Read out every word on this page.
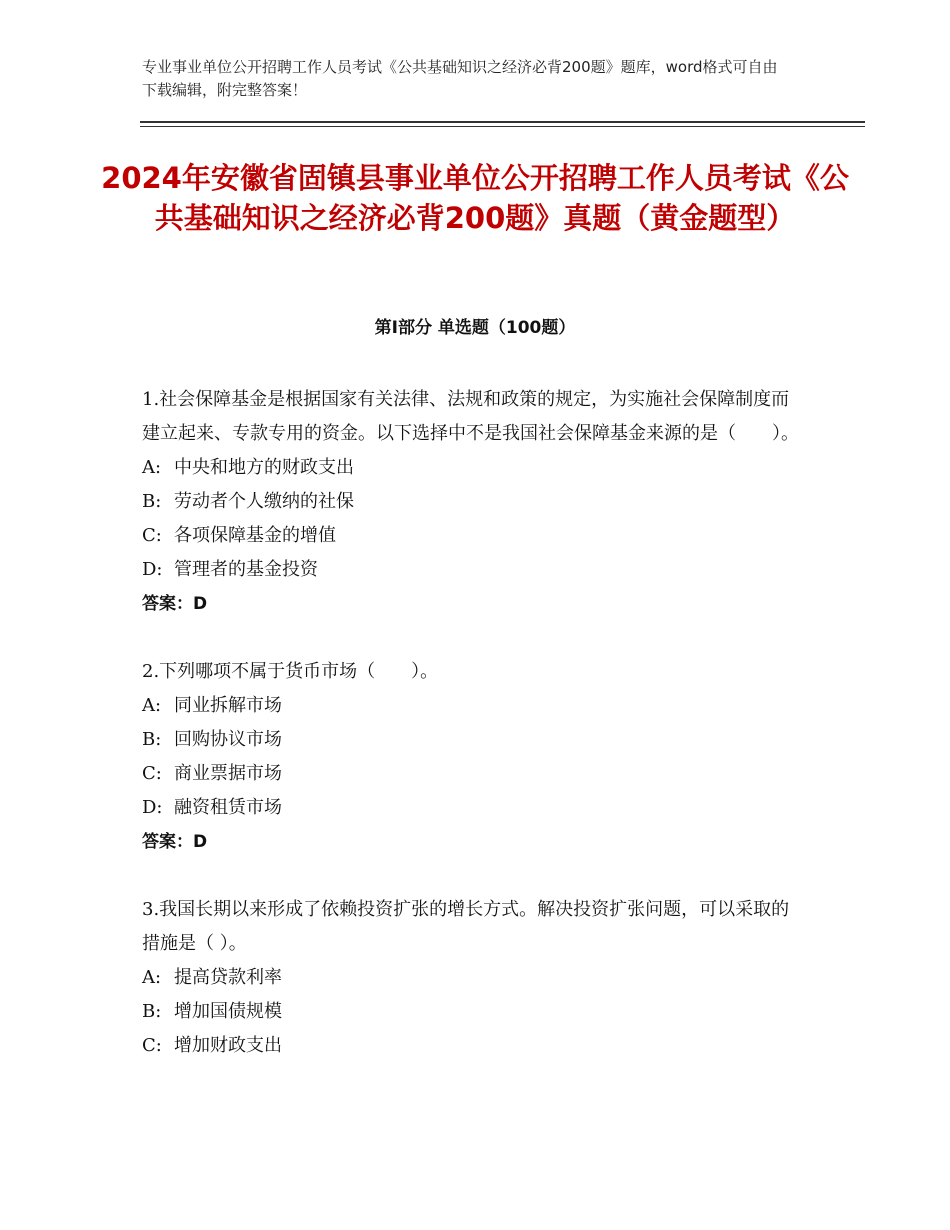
专业事业单位公开招聘工作人员考试《公共基础知识之经济必背200题》题库，word格式可自由下载编辑，附完整答案！
2024年安徽省固镇县事业单位公开招聘工作人员考试《公共基础知识之经济必背200题》真题（黄金题型）
第Ⅰ部分 单选题（100题）

1.社会保障基金是根据国家有关法律、法规和政策的规定，为实施社会保障制度而建立起来、专款专用的资金。以下选择中不是我国社会保障基金来源的是（　　）。

A: 中央和地方的财政支出

B: 劳动者个人缴纳的社保

C: 各项保障基金的增值

D: 管理者的基金投资

答案：D

2.下列哪项不属于货币市场（　　）。

A: 同业拆解市场

B: 回购协议市场

C: 商业票据市场

D: 融资租赁市场

答案：D

3.我国长期以来形成了依赖投资扩张的增长方式。解决投资扩张问题，可以采取的措施是（ ）。

A: 提高贷款利率

B: 增加国债规模

C: 增加财政支出
